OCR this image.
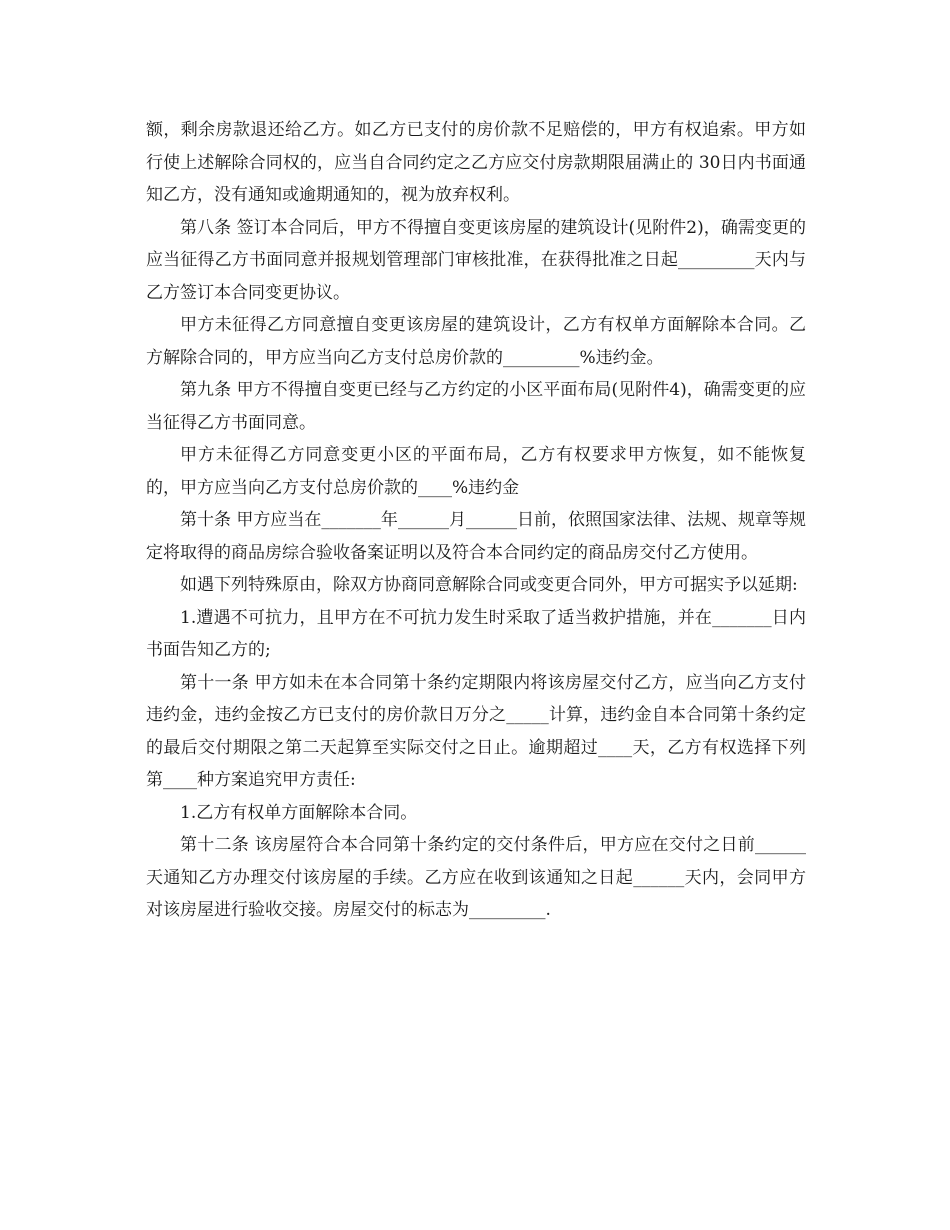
额，剩余房款退还给乙方。如乙方已支付的房价款不足赔偿的，甲方有权追索。甲方如行使上述解除合同权的，应当自合同约定之乙方应交付房款期限届满止的 30日内书面通知乙方，没有通知或逾期通知的，视为放弃权利。

第八条 签订本合同后，甲方不得擅自变更该房屋的建筑设计(见附件2)，确需变更的应当征得乙方书面同意并报规划管理部门审核批准，在获得批准之日起_________天内与乙方签订本合同变更协议。

甲方未征得乙方同意擅自变更该房屋的建筑设计，乙方有权单方面解除本合同。乙方解除合同的，甲方应当向乙方支付总房价款的_________%违约金。

第九条 甲方不得擅自变更已经与乙方约定的小区平面布局(见附件4)，确需变更的应当征得乙方书面同意。

甲方未征得乙方同意变更小区的平面布局，乙方有权要求甲方恢复，如不能恢复的，甲方应当向乙方支付总房价款的____%违约金

第十条 甲方应当在_______年______月______日前，依照国家法律、法规、规章等规定将取得的商品房综合验收备案证明以及符合本合同约定的商品房交付乙方使用。

如遇下列特殊原由，除双方协商同意解除合同或变更合同外，甲方可据实予以延期:

1.遭遇不可抗力，且甲方在不可抗力发生时采取了适当救护措施，并在_______日内书面告知乙方的;

第十一条 甲方如未在本合同第十条约定期限内将该房屋交付乙方，应当向乙方支付违约金，违约金按乙方已支付的房价款日万分之_____计算，违约金自本合同第十条约定的最后交付期限之第二天起算至实际交付之日止。逾期超过____天，乙方有权选择下列第____种方案追究甲方责任:

1.乙方有权单方面解除本合同。

第十二条 该房屋符合本合同第十条约定的交付条件后，甲方应在交付之日前______天通知乙方办理交付该房屋的手续。乙方应在收到该通知之日起______天内，会同甲方对该房屋进行验收交接。房屋交付的标志为_________.
